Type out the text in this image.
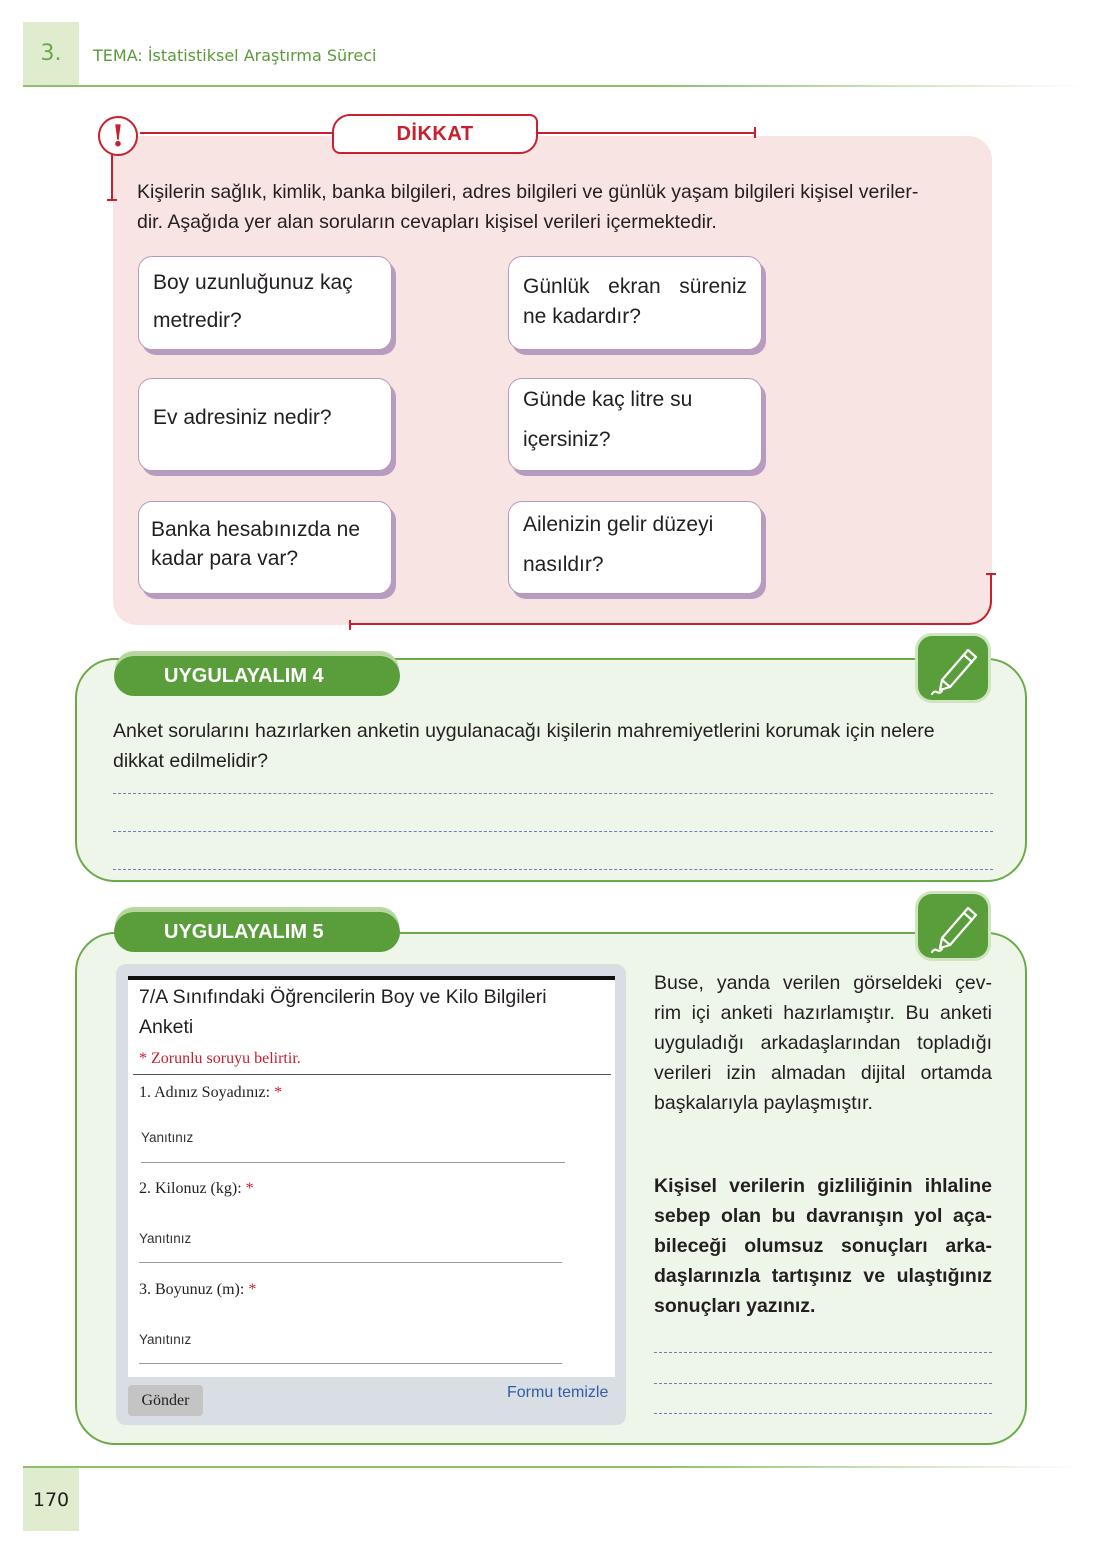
3.	TEMA: İstatistiksel Araştırma Süreci
!	DİKKAT
Kişilerin sağlık, kimlik, banka bilgileri, adres bilgileri ve günlük yaşam bilgileri kişisel veriler-
dir. Aşağıda yer alan soruların cevapları kişisel verileri içermektedir.
Boy uzunluğunuz kaç
metredir?
Günlük ekran süreniz
ne kadardır?
Ev adresiniz nedir?
Günde kaç litre su
içersiniz?
Banka hesabınızda ne
kadar para var?
Ailenizin gelir düzeyi
nasıldır?
UYGULAYALIM 4
Anket sorularını hazırlarken anketin uygulanacağı kişilerin mahremiyetlerini korumak için nelere
dikkat edilmelidir?
UYGULAYALIM 5
7/A Sınıfındaki Öğrencilerin Boy ve Kilo Bilgileri
Anketi
* Zorunlu soruyu belirtir.
1. Adınız Soyadınız: *
Yanıtınız
2. Kilonuz (kg): *
Yanıtınız
3. Boyunuz (m): *
Yanıtınız
Gönder	Formu temizle
Buse, yanda verilen görseldeki çev-
rim içi anketi hazırlamıştır. Bu anketi
uyguladığı arkadaşlarından topladığı
verileri izin almadan dijital ortamda
başkalarıyla paylaşmıştır.
Kişisel verilerin gizliliğinin ihlaline
sebep olan bu davranışın yol aça-
bileceği olumsuz sonuçları arka-
daşlarınızla tartışınız ve ulaştığınız
sonuçları yazınız.
170
